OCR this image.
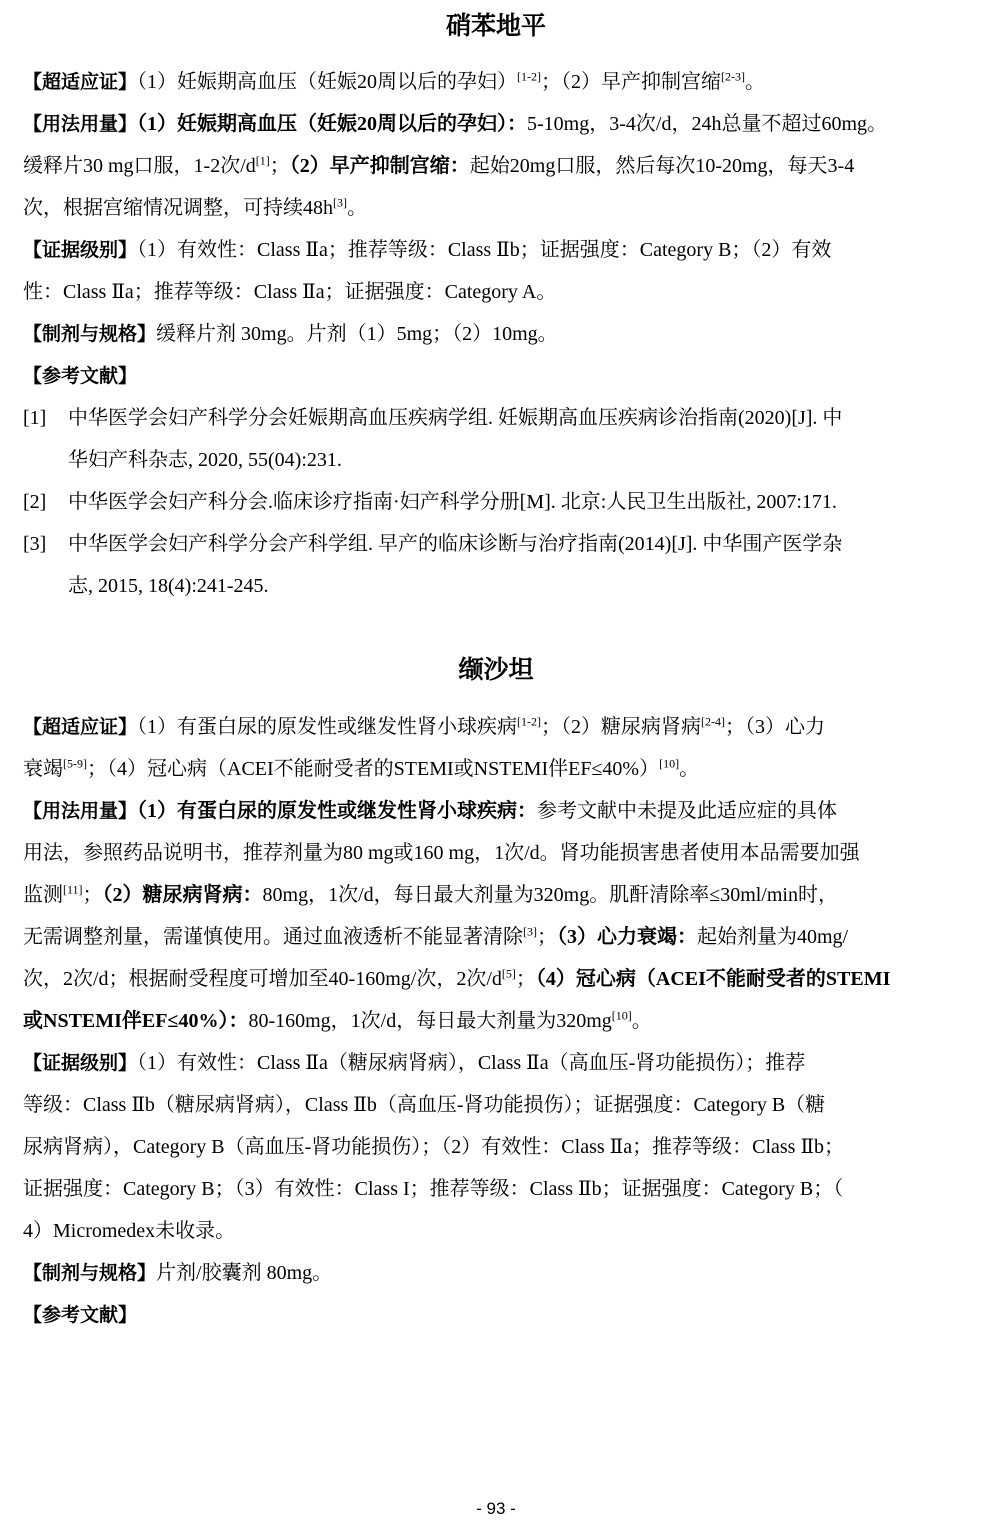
硝苯地平
【超适应证】（1）妊娠期高血压（妊娠20周以后的孕妇）[1-2]；（2）早产抑制宫缩[2-3]。
【用法用量】（1）妊娠期高血压（妊娠20周以后的孕妇）：5-10mg，3-4次/d，24h总量不超过60mg。
缓释片30 mg口服，1-2次/d[1]；（2）早产抑制宫缩：起始20mg口服，然后每次10-20mg，每天3-4
次，根据宫缩情况调整，可持续48h[3]。
【证据级别】（1）有效性：Class Ⅱa；推荐等级：Class Ⅱb；证据强度：Category B；（2）有效
性：Class Ⅱa；推荐等级：Class Ⅱa；证据强度：Category A。
【制剂与规格】缓释片剂 30mg。片剂（1）5mg；（2）10mg。
【参考文献】
[1] 中华医学会妇产科学分会妊娠期高血压疾病学组. 妊娠期高血压疾病诊治指南(2020)[J]. 中
华妇产科杂志, 2020, 55(04):231.
[2] 中华医学会妇产科分会.临床诊疗指南·妇产科学分册[M]. 北京:人民卫生出版社, 2007:171.
[3] 中华医学会妇产科学分会产科学组. 早产的临床诊断与治疗指南(2014)[J]. 中华围产医学杂
志, 2015, 18(4):241-245.
缬沙坦
【超适应证】（1）有蛋白尿的原发性或继发性肾小球疾病[1-2]；（2）糖尿病肾病[2-4]；（3）心力
衰竭[5-9]；（4）冠心病（ACEI不能耐受者的STEMI或NSTEMI伴EF≤40%）[10]。
【用法用量】（1）有蛋白尿的原发性或继发性肾小球疾病：参考文献中未提及此适应症的具体
用法，参照药品说明书，推荐剂量为80 mg或160 mg，1次/d。肾功能损害患者使用本品需要加强
监测[11]；（2）糖尿病肾病：80mg，1次/d，每日最大剂量为320mg。肌酐清除率≤30ml/min时，
无需调整剂量，需谨慎使用。通过血液透析不能显著清除[3]；（3）心力衰竭：起始剂量为40mg/
次，2次/d；根据耐受程度可增加至40-160mg/次，2次/d[5]；（4）冠心病（ACEI不能耐受者的STEMI
或NSTEMI伴EF≤40%）：80-160mg，1次/d，每日最大剂量为320mg[10]。
【证据级别】（1）有效性：Class Ⅱa（糖尿病肾病），Class Ⅱa（高血压-肾功能损伤）；推荐
等级：Class Ⅱb（糖尿病肾病），Class Ⅱb（高血压-肾功能损伤）；证据强度：Category B（糖
尿病肾病），Category B（高血压-肾功能损伤）；（2）有效性：Class Ⅱa；推荐等级：Class Ⅱb；
证据强度：Category B；（3）有效性：Class I；推荐等级：Class Ⅱb；证据强度：Category B；（
4）Micromedex未收录。
【制剂与规格】片剂/胶囊剂 80mg。
【参考文献】
- 93 -
